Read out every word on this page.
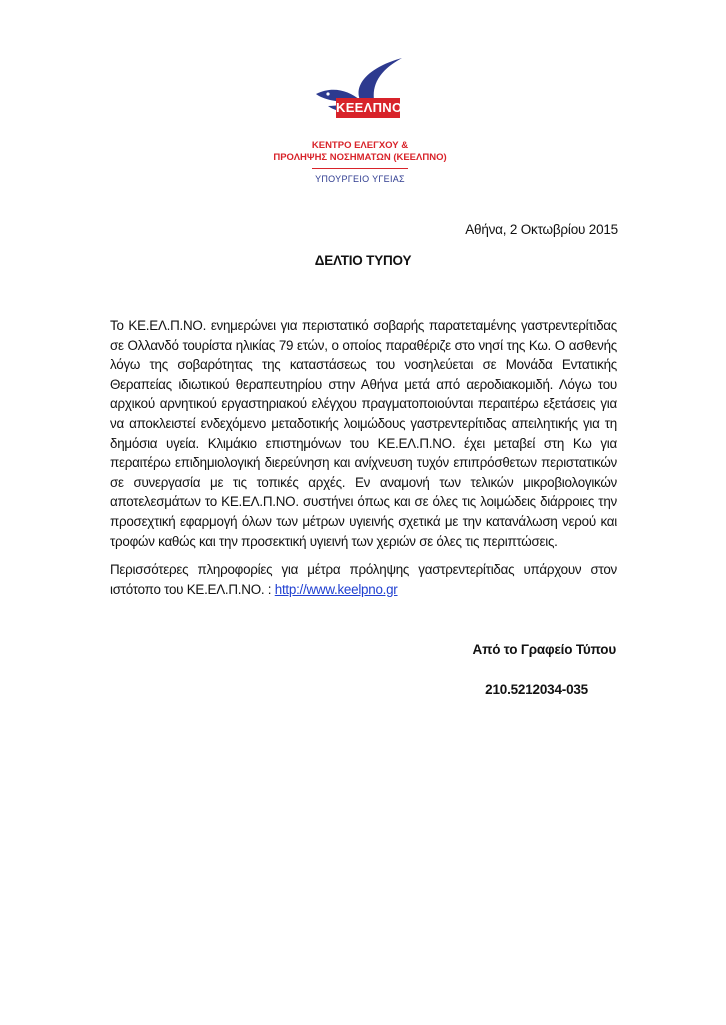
ΚΕΕΛΠΝΟ
ΚΕΝΤΡΟ ΕΛΕΓΧΟΥ &
ΠΡΟΛΗΨΗΣ ΝΟΣΗΜΑΤΩΝ (ΚΕΕΛΠΝΟ)
ΥΠΟΥΡΓΕΙΟ ΥΓΕΙΑΣ
Αθήνα, 2 Οκτωβρίου 2015
ΔΕΛΤΙΟ ΤΥΠΟΥ

Το ΚΕ.ΕΛ.Π.ΝΟ. ενημερώνει για περιστατικό σοβαρής παρατεταμένης γαστρεντερίτιδας σε Ολλανδό τουρίστα ηλικίας 79 ετών, ο οποίος παραθέριζε στο νησί της Κω. Ο ασθενής λόγω της σοβαρότητας της καταστάσεως του νοσηλεύεται σε Μονάδα Εντατικής Θεραπείας ιδιωτικού θεραπευτηρίου στην Αθήνα μετά από αεροδιακομιδή. Λόγω του αρχικού αρνητικού εργαστηριακού ελέγχου πραγματοποιούνται περαιτέρω εξετάσεις για να αποκλειστεί ενδεχόμενο μεταδοτικής λοιμώδους γαστρεντερίτιδας απειλητικής για τη δημόσια υγεία. Κλιμάκιο επιστημόνων του ΚΕ.ΕΛ.Π.ΝΟ. έχει μεταβεί στη Κω για περαιτέρω επιδημιολογική διερεύνηση και ανίχνευση τυχόν επιπρόσθετων περιστατικών σε συνεργασία με τις τοπικές αρχές. Εν αναμονή των τελικών μικροβιολογικών αποτελεσμάτων το ΚΕ.ΕΛ.Π.ΝΟ. συστήνει όπως και σε όλες τις λοιμώδεις διάρροιες την προσεχτική εφαρμογή όλων των μέτρων υγιεινής σχετικά με την κατανάλωση νερού και τροφών καθώς και την προσεκτική υγιεινή των χεριών σε όλες τις περιπτώσεις.

Περισσότερες πληροφορίες για μέτρα πρόληψης γαστρεντερίτιδας υπάρχουν στον ιστότοπο του ΚΕ.ΕΛ.Π.ΝΟ. : http://www.keelpno.gr
Από το Γραφείο Τύπου
210.5212034-035
